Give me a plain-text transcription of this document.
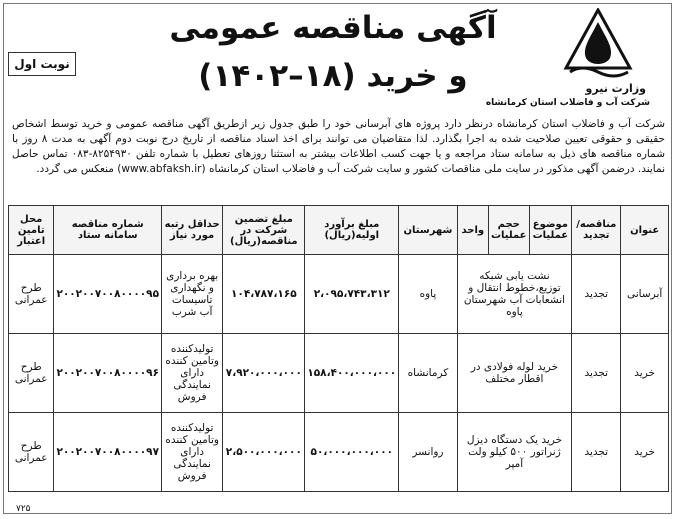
نوبت اول
آگهی مناقصه عمومی
و خرید (۱۸–۱۴۰۲)	وزارت نیرو
شرکت آب و فاضلاب استان کرمانشاه
شرکت آب و فاضلاب استان کرمانشاه درنظر دارد پروژه های آبرسانی خود را طبق جدول زیر ازطریق آگهی مناقصه عمومی و خرید توسط اشخاص حقیقی و حقوقی تعیین صلاحیت شده به اجرا بگذارد. لذا متقاضیان می توانند برای اخذ اسناد مناقصه از تاریخ درج نوبت دوم آگهی به مدت ۸ روز با شماره مناقصه های ذیل به سامانه ستاد مراجعه و یا جهت کسب اطلاعات بیشتر به استثنا روزهای تعطیل با شماره تلفن ۸۲۵۴۹۳۰-۰۸۳ تماس حاصل نمایند. درضمن آگهی مذکور در سایت ملی مناقصات کشور و سایت شرکت آب و فاضلاب استان کرمانشاه (www.abfaksh.ir) منعکس می گردد.
عنوان	مناقصه/ تجدید	موضوع عملیات	حجم عملیات	واحد	شهرستان	مبلغ برآورد اولیه(ریال)	مبلغ تضمین شرکت در مناقصه(ریال)	حداقل رتبه مورد نیاز	شماره مناقصه سامانه ستاد	محل تامین اعتبار
آبرسانی	تجدید	نشت یابی شبکه توزیع،خطوط انتقال و انشعابات آب شهرستان پاوه			پاوه	۲،۰۹۵،۷۴۳،۳۱۲	۱۰۴،۷۸۷،۱۶۵	بهره برداری و نگهداری تاسیسات آب شرب	۲۰۰۲۰۰۷۰۰۸۰۰۰۰۹۵	طرح عمرانی
خرید	تجدید	خرید لوله فولادی در اقطار مختلف			کرمانشاه	۱۵۸،۴۰۰،۰۰۰،۰۰۰	۷،۹۲۰،۰۰۰،۰۰۰	تولیدکننده وتامین کننده دارای نمایندگی فروش	۲۰۰۲۰۰۷۰۰۸۰۰۰۰۹۶	طرح عمرانی
خرید	تجدید	خرید یک دستگاه دیزل ژنراتور ۵۰۰ کیلو ولت آمپر			روانسر	۵۰،۰۰۰،۰۰۰،۰۰۰	۲،۵۰۰،۰۰۰،۰۰۰	تولیدکننده وتامین کننده دارای نمایندگی فروش	۲۰۰۲۰۰۷۰۰۸۰۰۰۰۹۷	طرح عمرانی
۷۲۵
